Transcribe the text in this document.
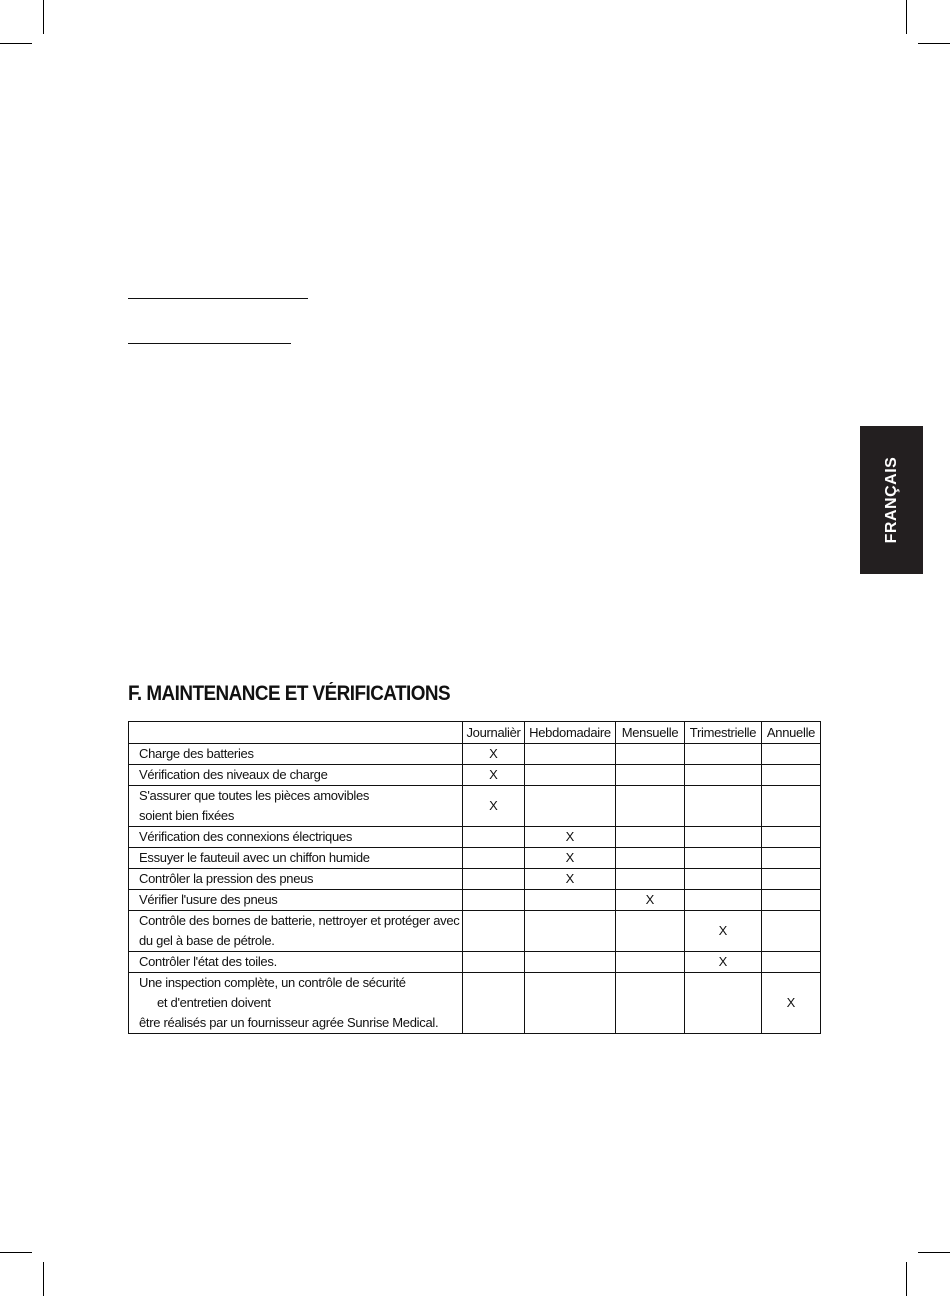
FRANÇAIS
F. MAINTENANCE ET VÉRIFICATIONS
	Journalièr	Hebdomadaire	Mensuelle	Trimestrielle	Annuelle

Charge des batteries	X				

Vérification des niveaux de charge	X				

S'assurer que toutes les pièces amovibles
soient bien fixées	X				

Vérification des connexions électriques		X			

Essuyer le fauteuil avec un chiffon humide		X			

Contrôler la pression des pneus		X			

Vérifier l'usure des pneus			X		

Contrôle des bornes de batterie, nettroyer et protéger avec
du gel à base de pétrole.				X	

Contrôler l'état des toiles.				X	

Une inspection complète, un contrôle de sécurité
et d'entretien doivent
être réalisés par un fournisseur agrée Sunrise Medical.					X
